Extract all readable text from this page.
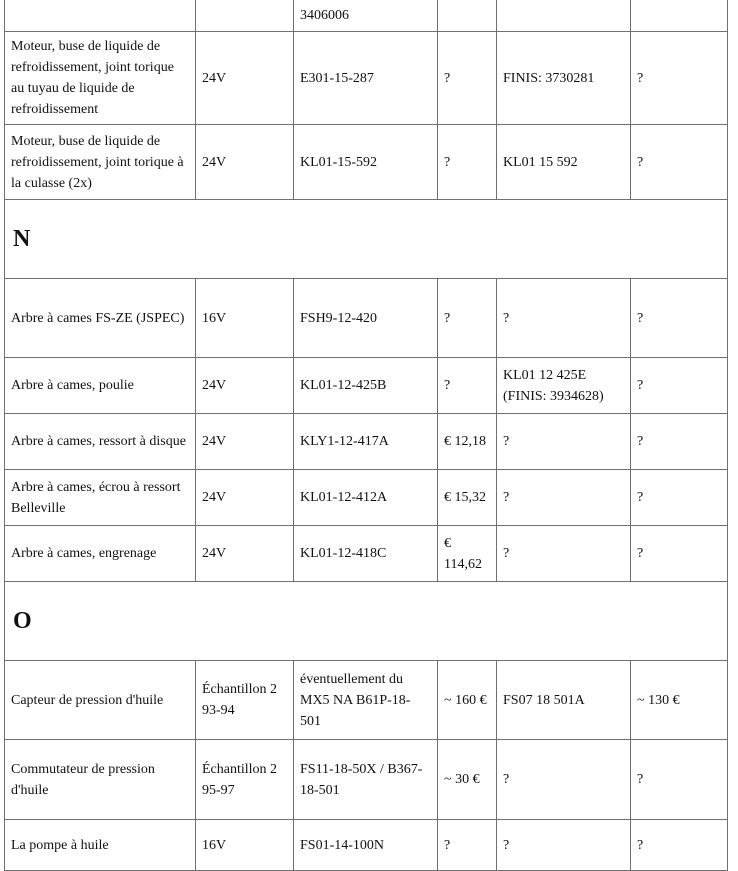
		3406006			
Moteur, buse de liquide de refroidissement, joint torique au tuyau de liquide de refroidissement	24V	E301-15-287	?	FINIS: 3730281	?
Moteur, buse de liquide de refroidissement, joint torique à la culasse (2x)	24V	KL01-15-592	?	KL01 15 592	?
N					
Arbre à cames FS-ZE (JSPEC)	16V	FSH9-12-420	?	?	?
Arbre à cames, poulie	24V	KL01-12-425B	?	KL01 12 425E (FINIS: 3934628)	?
Arbre à cames, ressort à disque	24V	KLY1-12-417A	€ 12,18	?	?
Arbre à cames, écrou à ressort Belleville	24V	KL01-12-412A	€ 15,32	?	?
Arbre à cames, engrenage	24V	KL01-12-418C	€ 114,62	?	?
O					
Capteur de pression d'huile	Échantillon 2 93-94	éventuellement du MX5 NA B61P-18-501	~ 160 €	FS07 18 501A	~ 130 €
Commutateur de pression d'huile	Échantillon 2 95-97	FS11-18-50X / B367-18-501	~ 30 €	?	?
La pompe à huile	16V	FS01-14-100N	?	?	?
